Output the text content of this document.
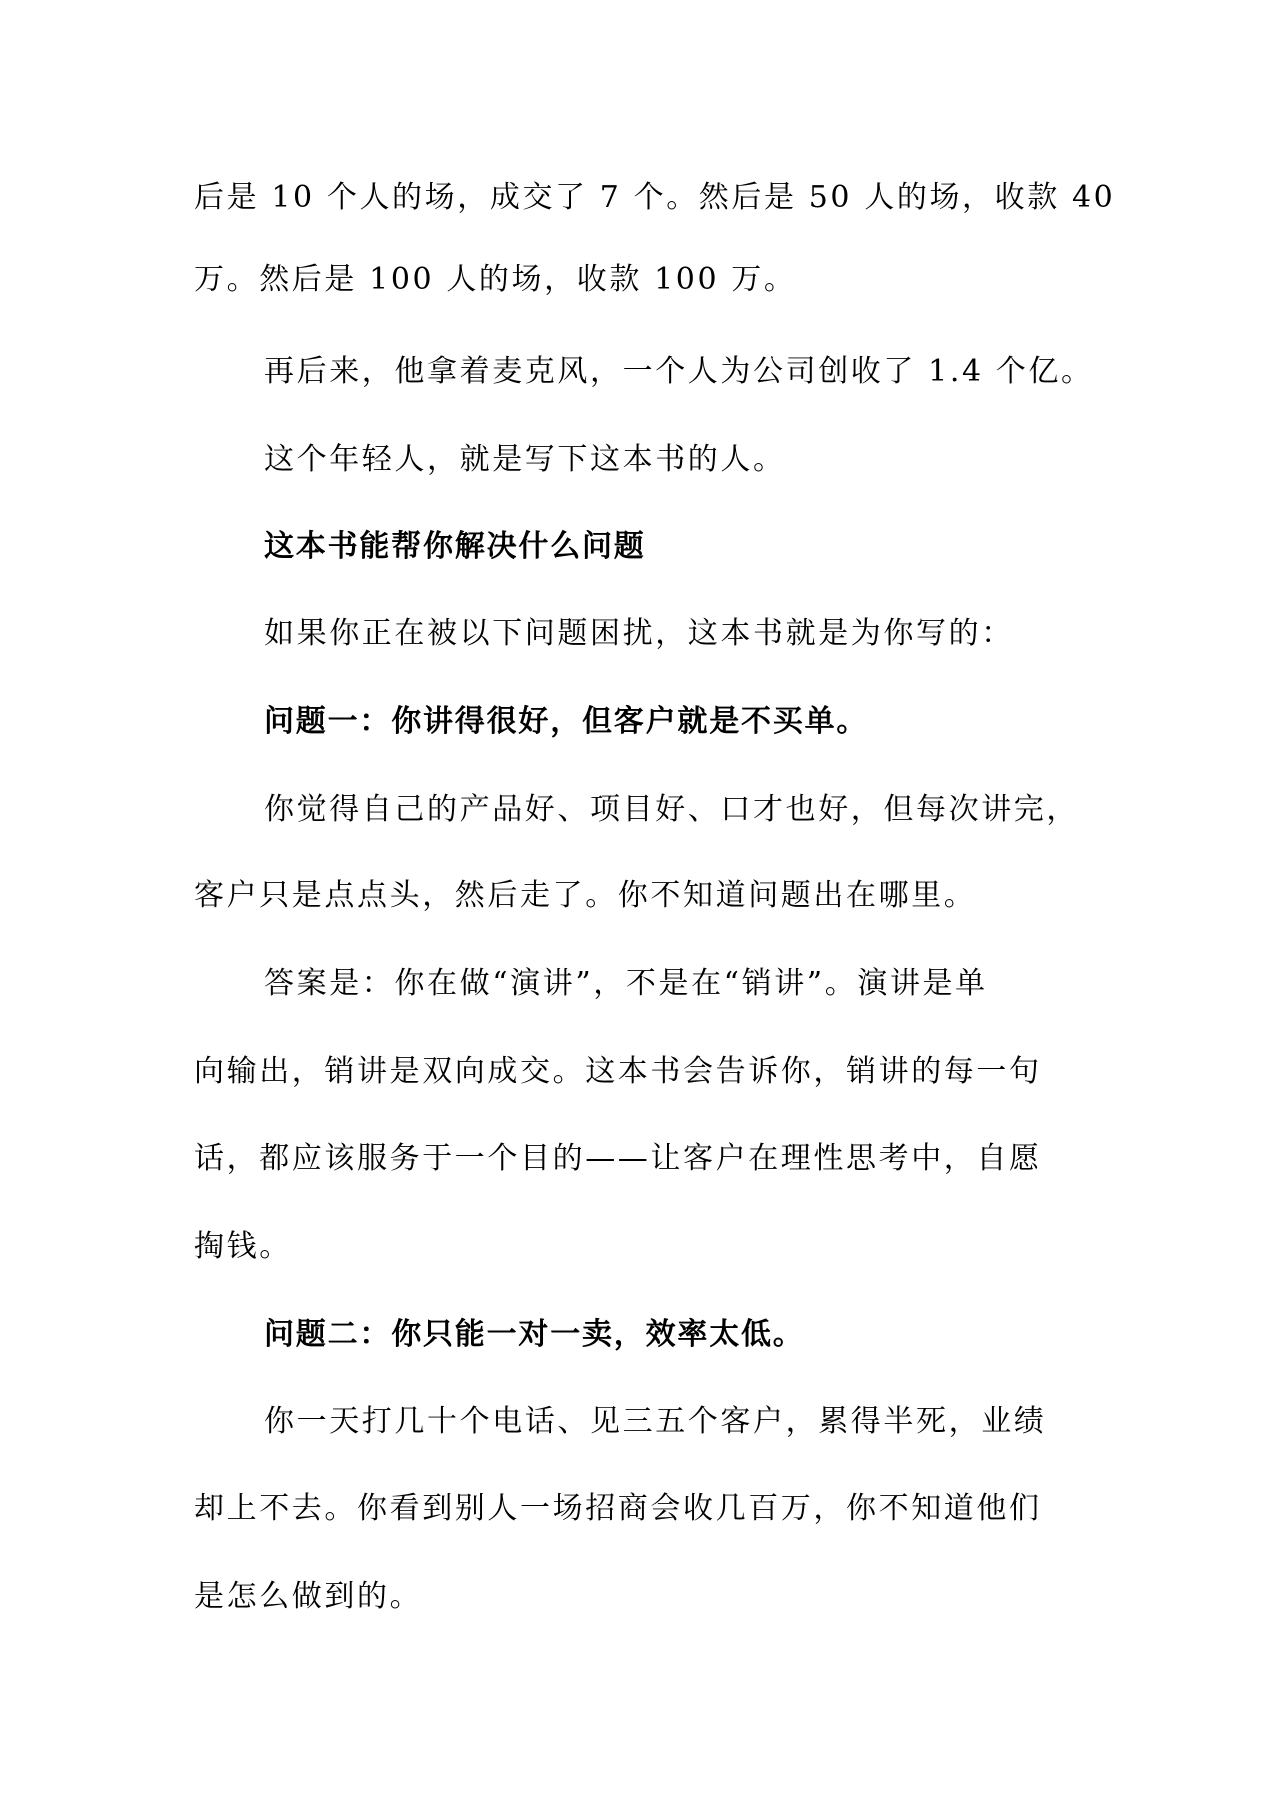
后是 10 个人的场，成交了 7 个。然后是 50 人的场，收款 40
万。然后是 100 人的场，收款 100 万。
再后来，他拿着麦克风，一个人为公司创收了 1.4 个亿。
这个年轻人，就是写下这本书的人。
这本书能帮你解决什么问题
如果你正在被以下问题困扰，这本书就是为你写的：
问题一：你讲得很好，但客户就是不买单。
你觉得自己的产品好、项目好、口才也好，但每次讲完，
客户只是点点头，然后走了。你不知道问题出在哪里。
答案是：你在做“演讲”，不是在“销讲”。演讲是单
向输出，销讲是双向成交。这本书会告诉你，销讲的每一句
话，都应该服务于一个目的——让客户在理性思考中，自愿
掏钱。
问题二：你只能一对一卖，效率太低。
你一天打几十个电话、见三五个客户，累得半死，业绩
却上不去。你看到别人一场招商会收几百万，你不知道他们
是怎么做到的。
